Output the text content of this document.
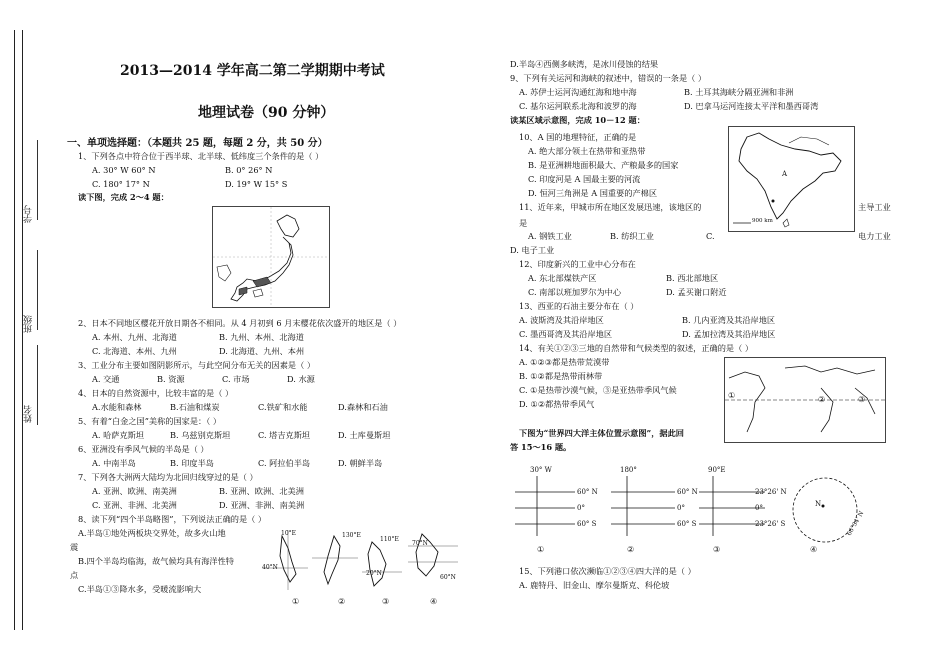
学号
班级
姓名
2013—2014 学年高二第二学期期中考试
地理试卷（90 分钟）
一、单项选择题：（本题共 25 题，每题 2 分，共 50 分）
1、下列各点中符合位于西半球、北半球、低纬度三个条件的是（ ）
A. 30° W 60° N	B. 0° 26° N
C. 180° 17° N	D. 19° W 15° S
读下图，完成 2～4 题：
2、日本不同地区樱花开放日期各不相同。从 4 月初到 6 月末樱花依次盛开的地区是（ ）
A. 本州、九州、北海道	B. 九州、本州、北海道
C. 北海道、本州、九州	D. 北海道、九州、本州
3、工业分布主要如图阴影所示，与此空间分布无关的因素是（ ）
A. 交通	B. 资源	C. 市场	D. 水源
4、日本的自然资源中，比较丰富的是（ ）
A.水能和森林	B.石油和煤炭	C.铁矿和水能	D.森林和石油
5、有着“白金之国”美称的国家是：（ ）
A. 哈萨克斯坦	B. 乌兹别克斯坦	C. 塔吉克斯坦	D. 土库曼斯坦
6、亚洲没有季风气候的半岛是（ ）
A. 中南半岛	B. 印度半岛	C. 阿拉伯半岛	D. 朝鲜半岛
7、下列各大洲两大陆均为北回归线穿过的是（ ）
A. 亚洲、欧洲、南美洲	B. 亚洲、欧洲、北美洲
C. 亚洲、非洲、北美洲	D. 亚洲、非洲、南美洲
8、读下列“四个半岛略图”，下列说法正确的是（ ）
A.半岛①地处两板块交界处，故多火山地
震
B.四个半岛均临海，故气候均具有海洋性特
点
C.半岛①③降水多，受暖流影响大
10°E
40°N
130°E
110°E
20°N
70°N
60°N
①	②	③	④
D.半岛④西侧多峡湾，是冰川侵蚀的结果
9、下列有关运河和海峡的叙述中，错误的一条是（ ）
A. 苏伊士运河沟通红海和地中海	B. 土耳其海峡分隔亚洲和非洲
C. 基尔运河联系北海和波罗的海	D. 巴拿马运河连接太平洋和墨西哥湾
读某区域示意图，完成 10－12 题：
10、A 国的地理特征，正确的是
A. 绝大部分领土在热带和亚热带
B. 是亚洲耕地面积最大、产粮最多的国家
C. 印度河是 A 国最主要的河流
D. 恒河三角洲是 A 国重要的产棉区
A
900 km
11、近年来，甲城市所在地区发展迅速，该地区的	主导工业
是
A. 钢铁工业	B. 纺织工业	C.	电力工业
D. 电子工业
12、印度新兴的工业中心分布在
A. 东北部煤铁产区	B. 西北部地区
C. 南部以班加罗尔为中心	D. 孟买谢口附近
13、西亚的石油主要分布在（ ）
A. 波斯湾及其沿岸地区	B. 几内亚湾及其沿岸地区
C. 墨西哥湾及其沿岸地区	D. 孟加拉湾及其沿岸地区
14、有关①②③三地的自然带和气候类型的叙述，正确的是（ ）
A. ①②③都是热带荒漠带
B. ①②都是热带雨林带
C. ①是热带沙漠气候，③是亚热带季风气候
D. ①②都热带季风气
①	②	③
下图为“世界四大洋主体位置示意图”，据此回
答 15～16 题。
30° W
60° N
0°
60° S
180°
60° N
0°
60° S
90°E
23°26' N
0°
23°26' S
N
66°34' N
①	②	③	④
15、下列港口依次濒临①②③④四大洋的是（ ）
A. 鹿特丹、旧金山、摩尔曼斯克、科伦坡
